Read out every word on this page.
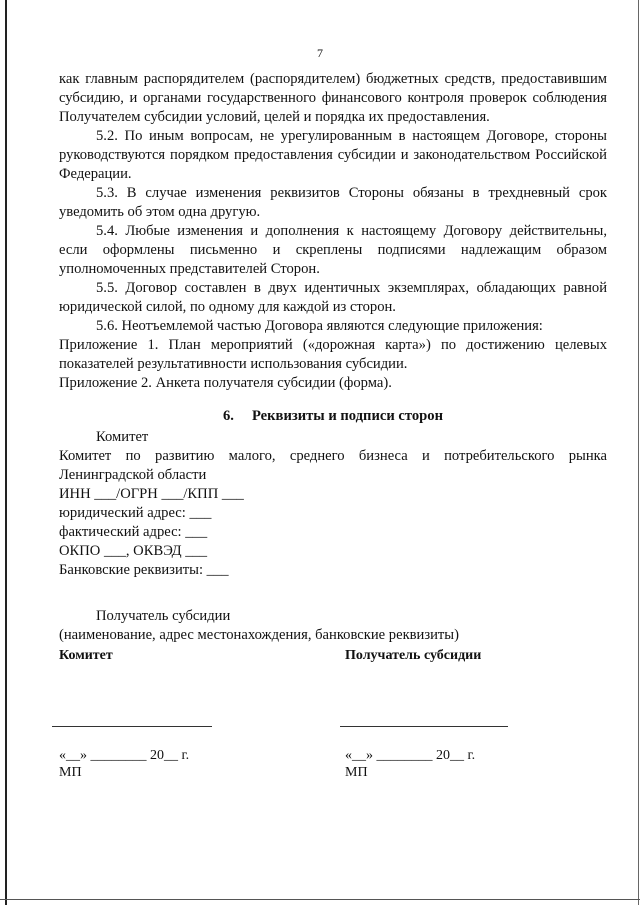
7

как главным распорядителем (распорядителем) бюджетных средств, предоставившим субсидию, и органами государственного финансового контроля проверок соблюдения Получателем субсидии условий, целей и порядка их предоставления.

5.2. По иным вопросам, не урегулированным в настоящем Договоре, стороны руководствуются порядком предоставления субсидии и законодательством Российской Федерации.

5.3. В случае изменения реквизитов Стороны обязаны в трехдневный срок уведомить об этом одна другую.

5.4. Любые изменения и дополнения к настоящему Договору действительны, если оформлены письменно и скреплены подписями надлежащим образом уполномоченных представителей Сторон.

5.5. Договор составлен в двух идентичных экземплярах, обладающих равной юридической силой, по одному для каждой из сторон.

5.6. Неотъемлемой частью Договора являются следующие приложения:

Приложение 1. План мероприятий («дорожная карта») по достижению целевых показателей результативности использования субсидии.

Приложение 2. Анкета получателя субсидии (форма).

6. Реквизиты и подписи сторон

Комитет

Комитет по развитию малого, среднего бизнеса и потребительского рынка Ленинградской области

ИНН ___/ОГРН ___/КПП ___

юридический адрес: ___

фактический адрес: ___

ОКПО ___, ОКВЭД ___

Банковские реквизиты: ___

Получатель субсидии

(наименование, адрес местонахождения, банковские реквизиты)

Комитет	Получатель субсидии
«__» ________ 20__ г.	«__» ________ 20__ г.
МП	МП
